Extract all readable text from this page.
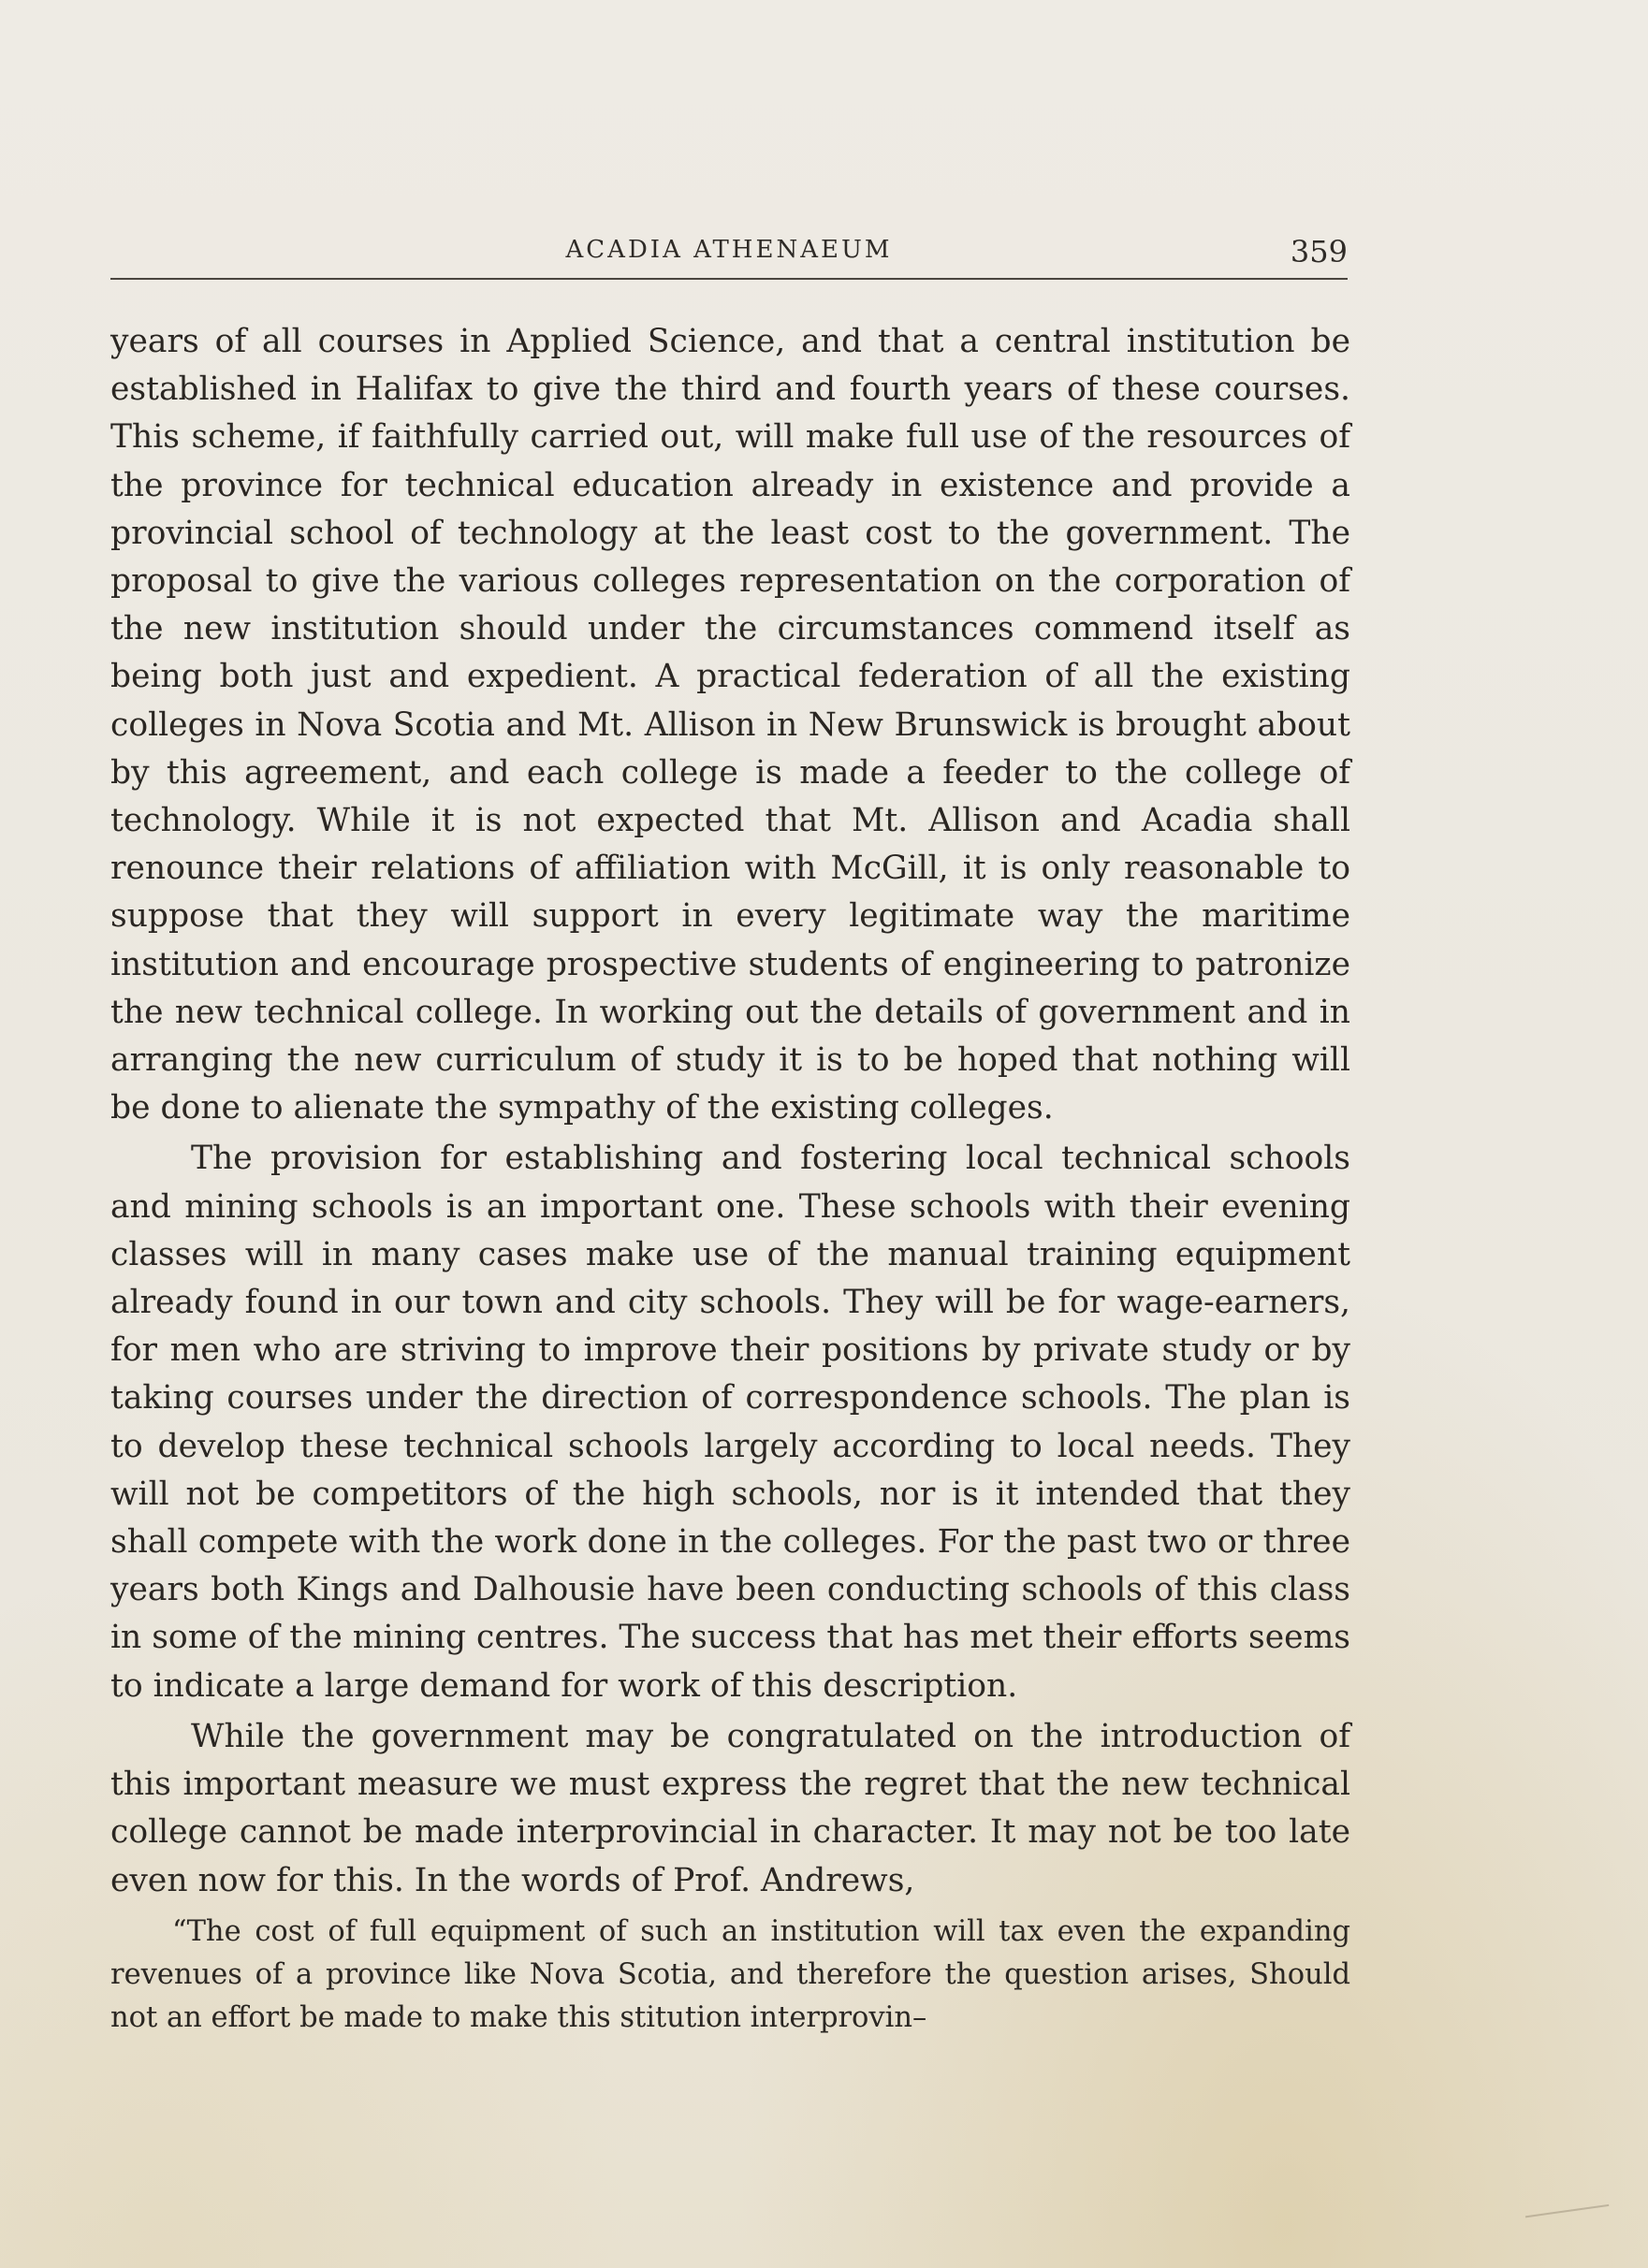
ACADIA ATHENAEUM	359

years of all courses in Applied Science, and that a central institution be established in Halifax to give the third and fourth years of these courses. This scheme, if faithfully carried out, will make full use of the resources of the province for technical education already in existence and provide a provincial school of technology at the least cost to the government. The proposal to give the various colleges representation on the corporation of the new institution should under the circumstances commend itself as being both just and expedient. A practical federation of all the existing colleges in Nova Scotia and Mt. Allison in New Brunswick is brought about by this agreement, and each college is made a feeder to the college of technology. While it is not expected that Mt. Allison and Acadia shall renounce their relations of affiliation with McGill, it is only reasonable to suppose that they will support in every legitimate way the maritime institution and encourage prospective students of engineering to patronize the new technical college. In working out the details of government and in arranging the new curriculum of study it is to be hoped that nothing will be done to alienate the sympathy of the existing colleges.

The provision for establishing and fostering local technical schools and mining schools is an important one. These schools with their evening classes will in many cases make use of the manual training equipment already found in our town and city schools. They will be for wage-earners, for men who are striving to improve their positions by private study or by taking courses under the direction of correspondence schools. The plan is to develop these technical schools largely according to local needs. They will not be competitors of the high schools, nor is it intended that they shall compete with the work done in the colleges. For the past two or three years both Kings and Dalhousie have been conducting schools of this class in some of the mining centres. The success that has met their efforts seems to indicate a large demand for work of this description.

While the government may be congratulated on the introduction of this important measure we must express the regret that the new technical college cannot be made interprovincial in character. It may not be too late even now for this. In the words of Prof. Andrews,

“The cost of full equipment of such an institution will tax even the expanding revenues of a province like Nova Scotia, and therefore the question arises, Should not an effort be made to make this stitution interprovin–
